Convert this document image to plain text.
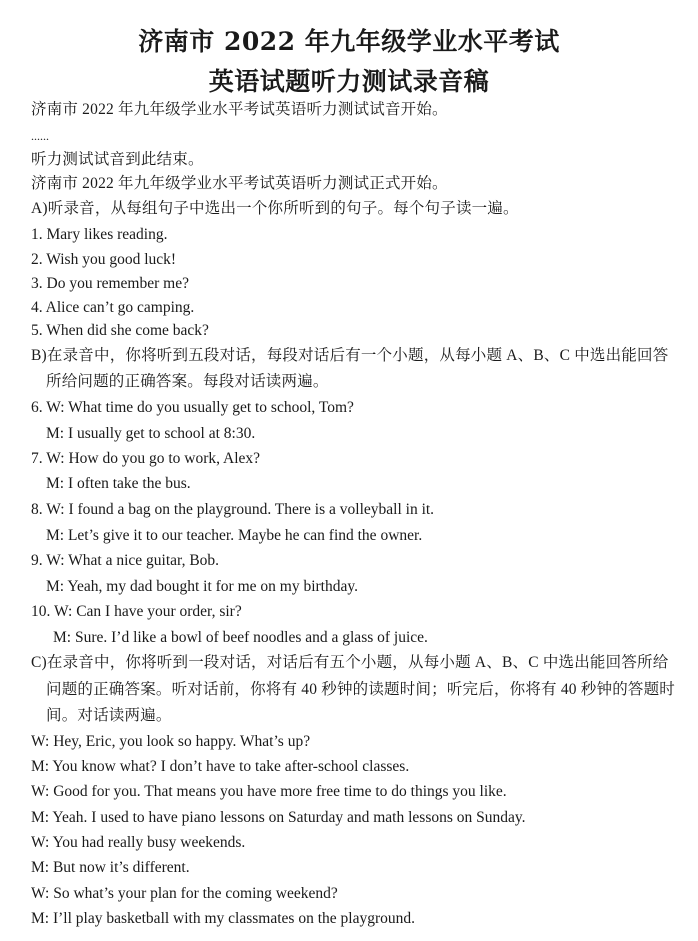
济南市 2022 年九年级学业水平考试
英语试题听力测试录音稿
济南市 2022 年九年级学业水平考试英语听力测试试音开始。
......
听力测试试音到此结束。
济南市 2022 年九年级学业水平考试英语听力测试正式开始。
A)听录音，从每组句子中选出一个你所听到的句子。每个句子读一遍。
1. Mary likes reading.
2. Wish you good luck!
3. Do you remember me?
4. Alice can’t go camping.
5. When did she come back?
B)在录音中，你将听到五段对话，每段对话后有一个小题，从每小题 A、B、C 中选出能回答
所给问题的正确答案。每段对话读两遍。
6. W: What time do you usually get to school, Tom?
M: I usually get to school at 8:30.
7. W: How do you go to work, Alex?
M: I often take the bus.
8. W: I found a bag on the playground. There is a volleyball in it.
M: Let’s give it to our teacher. Maybe he can find the owner.
9. W: What a nice guitar, Bob.
M: Yeah, my dad bought it for me on my birthday.
10. W: Can I have your order, sir?
M: Sure. I’d like a bowl of beef noodles and a glass of juice.
C)在录音中，你将听到一段对话，对话后有五个小题，从每小题 A、B、C 中选出能回答所给
问题的正确答案。听对话前，你将有 40 秒钟的读题时间；听完后，你将有 40 秒钟的答题时
间。对话读两遍。
W: Hey, Eric, you look so happy. What’s up?
M: You know what? I don’t have to take after-school classes.
W: Good for you. That means you have more free time to do things you like.
M: Yeah. I used to have piano lessons on Saturday and math lessons on Sunday.
W: You had really busy weekends.
M: But now it’s different.
W: So what’s your plan for the coming weekend?
M: I’ll play basketball with my classmates on the playground.
